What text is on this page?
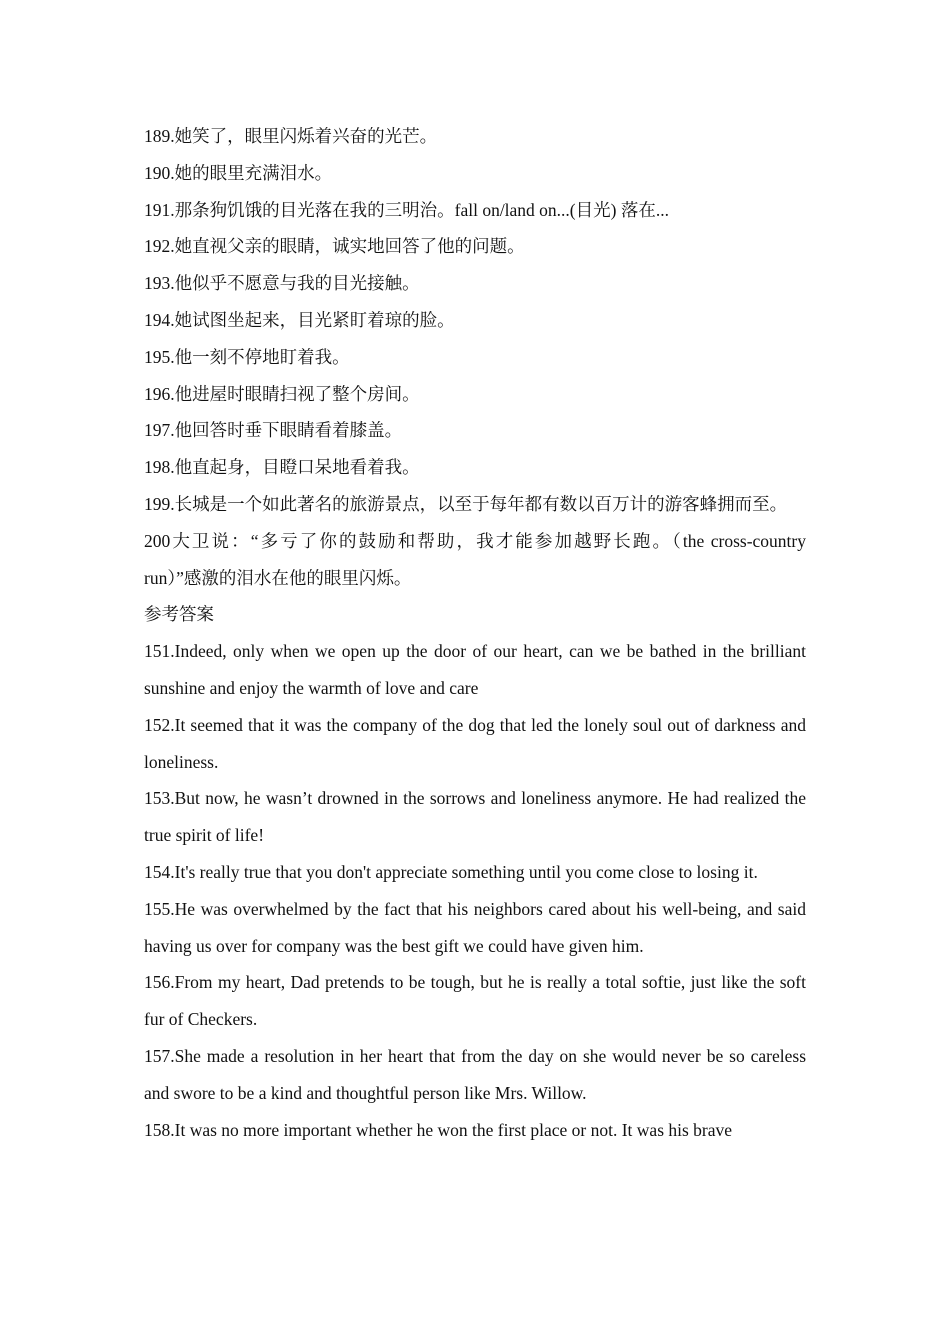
189.她笑了，眼里闪烁着兴奋的光芒。

190.她的眼里充满泪水。

191.那条狗饥饿的目光落在我的三明治。fall on/land on...(目光) 落在...

192.她直视父亲的眼睛，诚实地回答了他的问题。

193.他似乎不愿意与我的目光接触。

194.她试图坐起来，目光紧盯着琼的脸。

195.他一刻不停地盯着我。

196.他进屋时眼睛扫视了整个房间。

197.他回答时垂下眼睛看着膝盖。

198.他直起身，目瞪口呆地看着我。

199.长城是一个如此著名的旅游景点，以至于每年都有数以百万计的游客蜂拥而至。

200大卫说：“多亏了你的鼓励和帮助，我才能参加越野长跑。（the cross-country run）”感激的泪水在他的眼里闪烁。

参考答案

151.Indeed, only when we open up the door of our heart, can we be bathed in the brilliant sunshine and enjoy the warmth of love and care

152.It seemed that it was the company of the dog that led the lonely soul out of darkness and loneliness.

153.But now, he wasn’t drowned in the sorrows and loneliness anymore. He had realized the true spirit of life!

154.It's really true that you don't appreciate something until you come close to losing it.

155.He was overwhelmed by the fact that his neighbors cared about his well-being, and said having us over for company was the best gift we could have given him.

156.From my heart, Dad pretends to be tough, but he is really a total softie, just like the soft fur of Checkers.

157.She made a resolution in her heart that from the day on she would never be so careless and swore to be a kind and thoughtful person like Mrs. Willow.

158.It was no more important whether he won the first place or not. It was his brave
